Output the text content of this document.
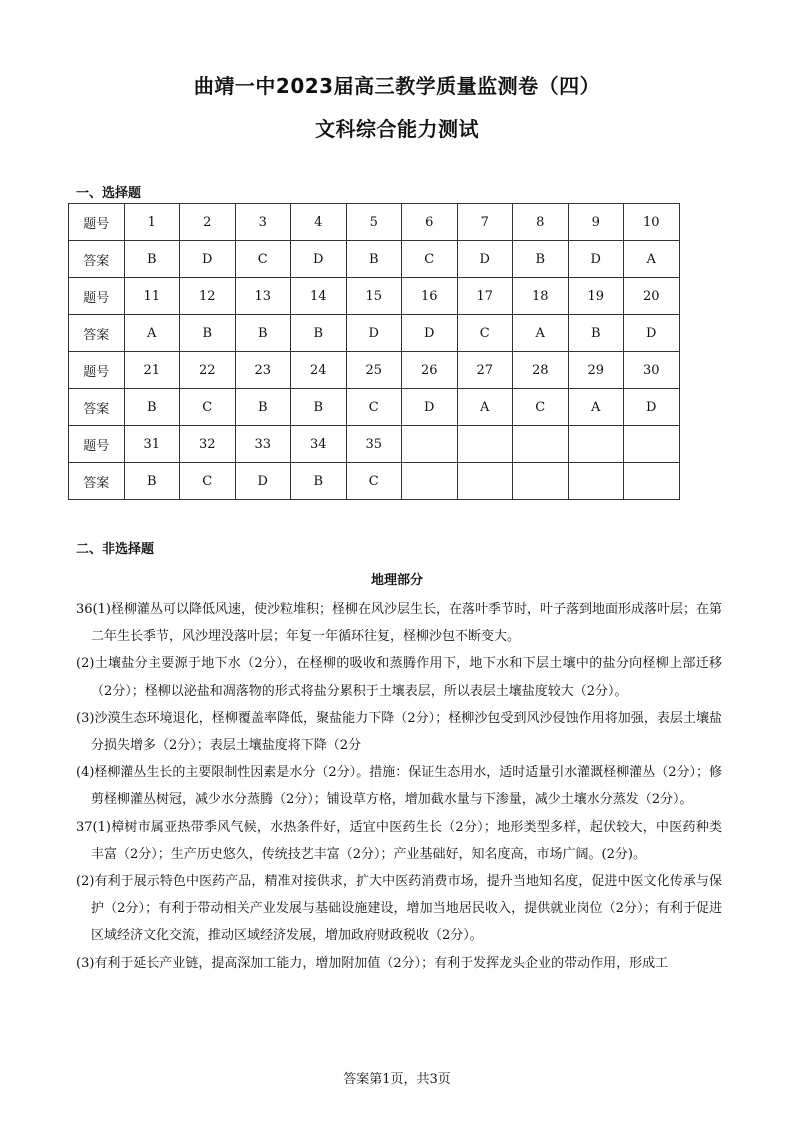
曲靖一中2023届高三教学质量监测卷（四）
文科综合能力测试
一、选择题
题号	1	2	3	4	5	6	7	8	9	10
答案	B	D	C	D	B	C	D	B	D	A
题号	11	12	13	14	15	16	17	18	19	20
答案	A	B	B	B	D	D	C	A	B	D
题号	21	22	23	24	25	26	27	28	29	30
答案	B	C	B	B	C	D	A	C	A	D
题号	31	32	33	34	35					
答案	B	C	D	B	C					
二、非选择题
地理部分

36(1)柽柳灌丛可以降低风速，使沙粒堆积；柽柳在风沙层生长，在落叶季节时，叶子落到地面形成落叶层；在第二年生长季节，风沙埋没落叶层；年复一年循环往复，柽柳沙包不断变大。

(2)土壤盐分主要源于地下水（2分），在柽柳的吸收和蒸腾作用下，地下水和下层土壤中的盐分向柽柳上部迁移（2分）；柽柳以泌盐和凋落物的形式将盐分累积于土壤表层，所以表层土壤盐度较大（2分）。

(3)沙漠生态环境退化，柽柳覆盖率降低，聚盐能力下降（2分）；柽柳沙包受到风沙侵蚀作用将加强，表层土壤盐分损失增多（2分）；表层土壤盐度将下降（2分

(4)柽柳灌丛生长的主要限制性因素是水分（2分）。措施：保证生态用水，适时适量引水灌溉柽柳灌丛（2分）；修剪柽柳灌丛树冠，减少水分蒸腾（2分）；铺设草方格，增加截水量与下渗量，减少土壤水分蒸发（2分）。

37(1)樟树市属亚热带季风气候，水热条件好，适宜中医药生长（2分）；地形类型多样，起伏较大，中医药种类丰富（2分）；生产历史悠久，传统技艺丰富（2分）；产业基础好，知名度高，市场广阔。(2分)。

(2)有利于展示特色中医药产品，精准对接供求，扩大中医药消费市场，提升当地知名度，促进中医文化传承与保护（2分）；有利于带动相关产业发展与基础设施建设，增加当地居民收入，提供就业岗位（2分）；有利于促进区域经济文化交流，推动区域经济发展，增加政府财政税收（2分）。

(3)有利于延长产业链，提高深加工能力，增加附加值（2分）；有利于发挥龙头企业的带动作用，形成工

答案第1页，共3页
